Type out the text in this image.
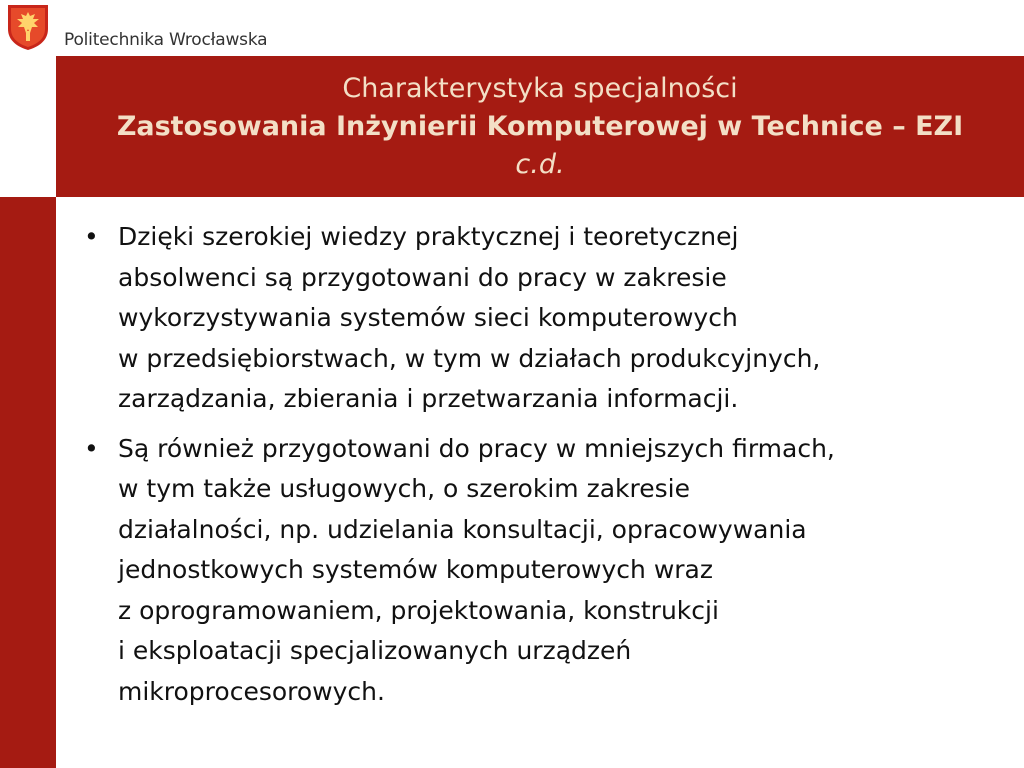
Politechnika Wrocławska
Charakterystyka specjalności
Zastosowania Inżynierii Komputerowej w Technice – EZI
c.d.
• Dzięki szerokiej wiedzy praktycznej i teoretycznej
absolwenci są przygotowani do pracy w zakresie
wykorzystywania systemów sieci komputerowych
w przedsiębiorstwach, w tym w działach produkcyjnych,
zarządzania, zbierania i przetwarzania informacji.
• Są również przygotowani do pracy w mniejszych firmach,
w tym także usługowych, o szerokim zakresie
działalności, np. udzielania konsultacji, opracowywania
jednostkowych systemów komputerowych wraz
z oprogramowaniem, projektowania, konstrukcji
i eksploatacji specjalizowanych urządzeń
mikroprocesorowych.
